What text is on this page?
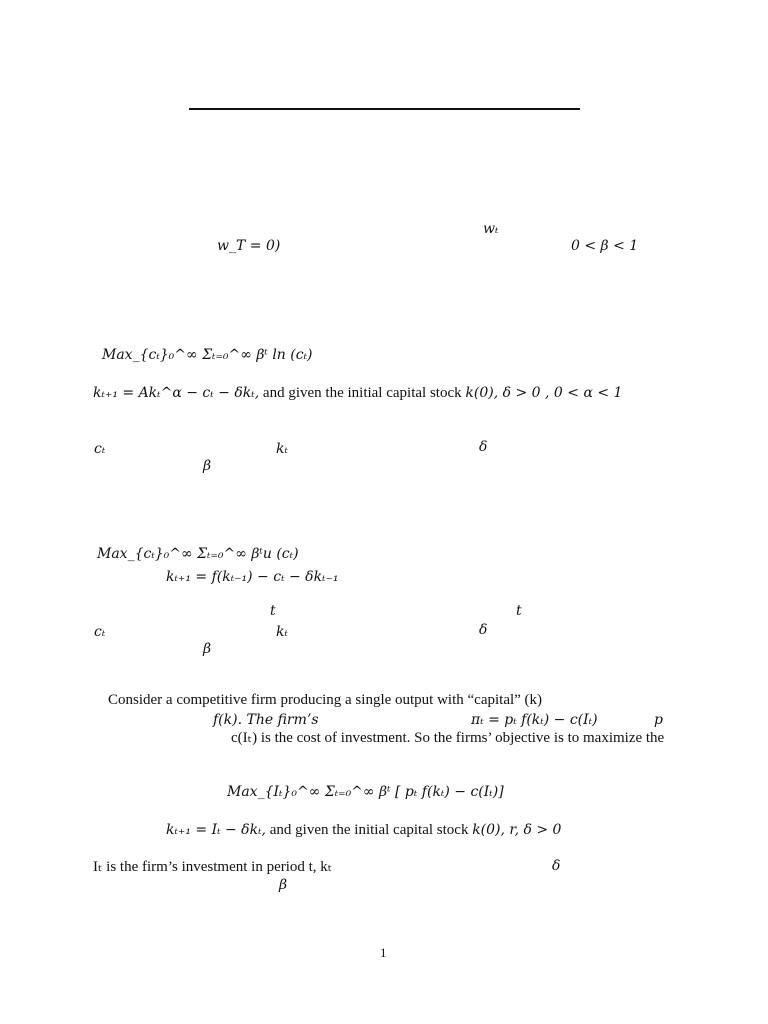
wₜ
w_T = 0)	0 < β < 1
Max_{cₜ}₀^∞ Σₜ₌₀^∞ βᵗ ln (cₜ)
kₜ₊₁ = Akₜ^α − cₜ − δkₜ, and given the initial capital stock k(0), δ > 0 , 0 < α < 1
cₜ	kₜ	δ
β
Max_{cₜ}₀^∞ Σₜ₌₀^∞ βᵗu (cₜ)
kₜ₊₁ = f(kₜ₋₁) − cₜ − δkₜ₋₁
t	t
cₜ	kₜ	δ
β
Consider a competitive firm producing a single output with “capital” (k)
f(k). The firm’s	πₜ = pₜ f(kₜ) − c(Iₜ)	p
c(Iₜ) is the cost of investment. So the firms’ objective is to maximize the
Max_{Iₜ}₀^∞ Σₜ₌₀^∞ βᵗ [ pₜ f(kₜ) − c(Iₜ)]
kₜ₊₁ = Iₜ − δkₜ, and given the initial capital stock k(0), r, δ > 0
Iₜ is the firm’s investment in period t, kₜ	δ
β
1
